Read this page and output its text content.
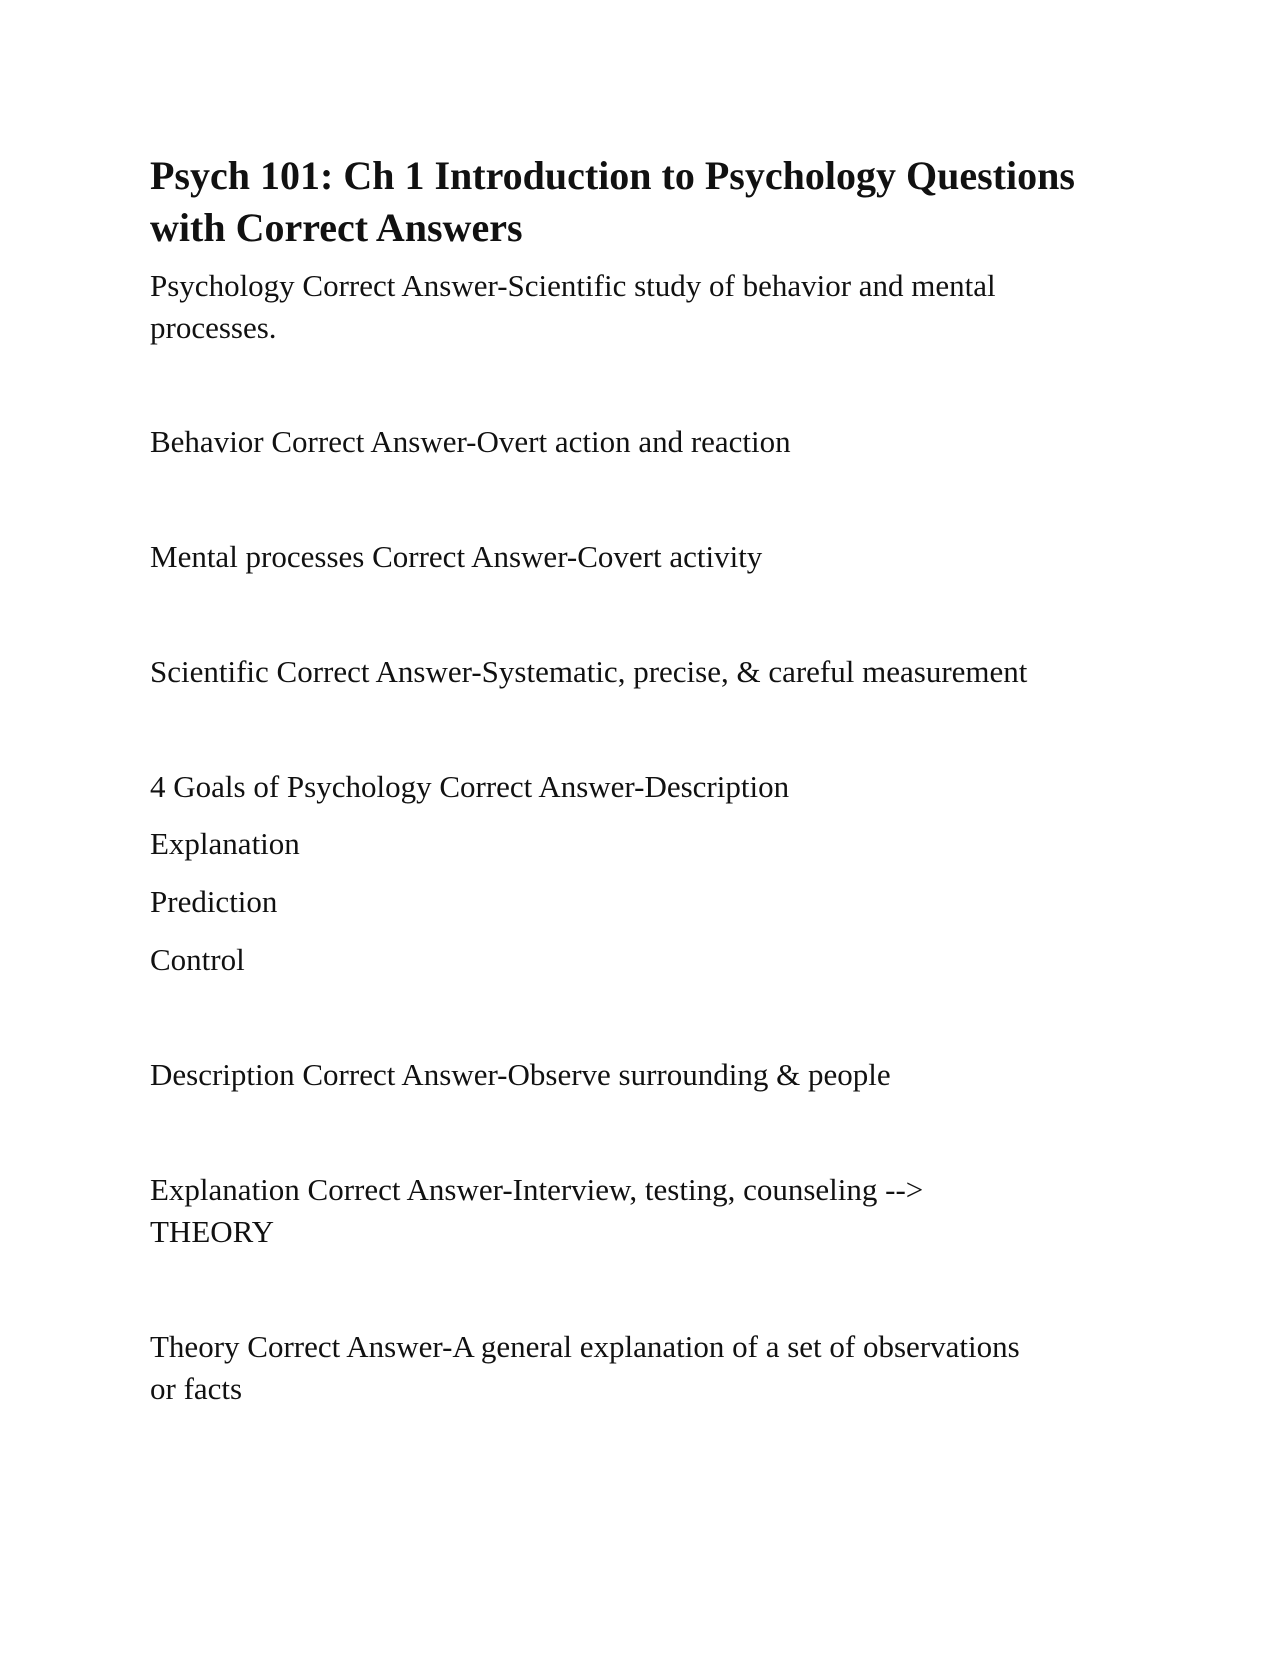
Psych 101: Ch 1 Introduction to Psychology Questions
with Correct Answers

Psychology Correct Answer-Scientific study of behavior and mental
processes.

Behavior Correct Answer-Overt action and reaction

Mental processes Correct Answer-Covert activity

Scientific Correct Answer-Systematic, precise, & careful measurement

4 Goals of Psychology Correct Answer-Description

Explanation

Prediction

Control

Description Correct Answer-Observe surrounding & people

Explanation Correct Answer-Interview, testing, counseling -->
THEORY

Theory Correct Answer-A general explanation of a set of observations
or facts
